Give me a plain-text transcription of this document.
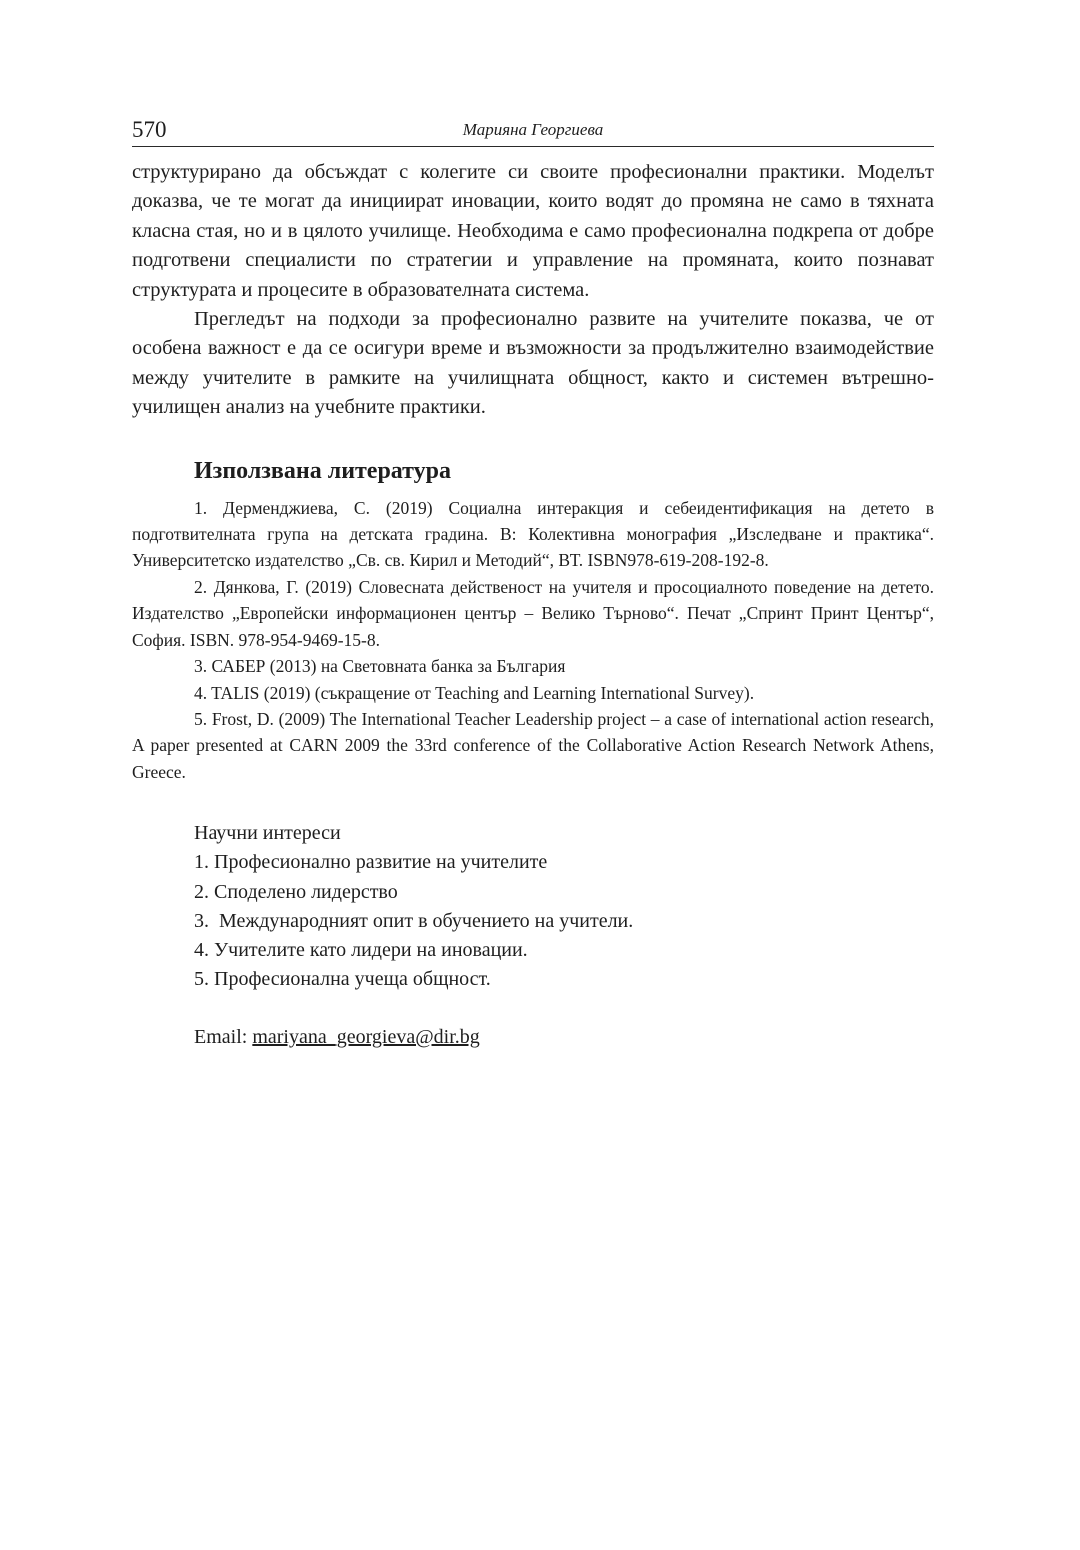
570	Марияна Георгиева

структурирано да обсъждат с колегите си своите професионални практики. Моделът доказва, че те могат да инициират иновации, които водят до промяна не само в тяхната класна стая, но и в цялото училище. Необходима е само професионална подкрепа от добре подготвени специалисти по стратегии и управление на промяната, които познават структурата и процесите в образователната система.

Прегледът на подходи за професионално развите на учителите показва, че от особена важност е да се осигури време и възможности за продължително взаимодействие между учителите в рамките на училищната общност, както и системен вътрешно-училищен анализ на учебните практики.

Използвана литература

1. Дерменджиева, С. (2019) Социална интеракция и себеидентификация на детето в подготвителната група на детската градина. В: Колективна монография „Изследване и практика“. Университетско издателство „Св. св. Кирил и Методий“, ВТ. ISBN978-619-208-192-8.

2. Дянкова, Г. (2019) Словесната действеност на учителя и просоциалното поведение на детето. Издателство „Европейски информационен център – Велико Търново“. Печат „Спринт Принт Център“, София. ISBN. 978-954-9469-15-8.

3. САБЕР (2013) на Световната банка за България

4. TALIS (2019) (съкращение от Teaching and Learning International Survey).

5. Frost, D. (2009) The International Teacher Leadership project – a case of international action research, A paper presented at CARN 2009 the 33rd conference of the Collaborative Action Research Network Athens, Greece.

Научни интереси
1. Професионално развитие на учителите
2. Споделено лидерство
3.  Международният опит в обучението на учители.
4. Учителите като лидери на иновации.
5. Професионална учеща общност.
Email: mariyana_georgieva@dir.bg
